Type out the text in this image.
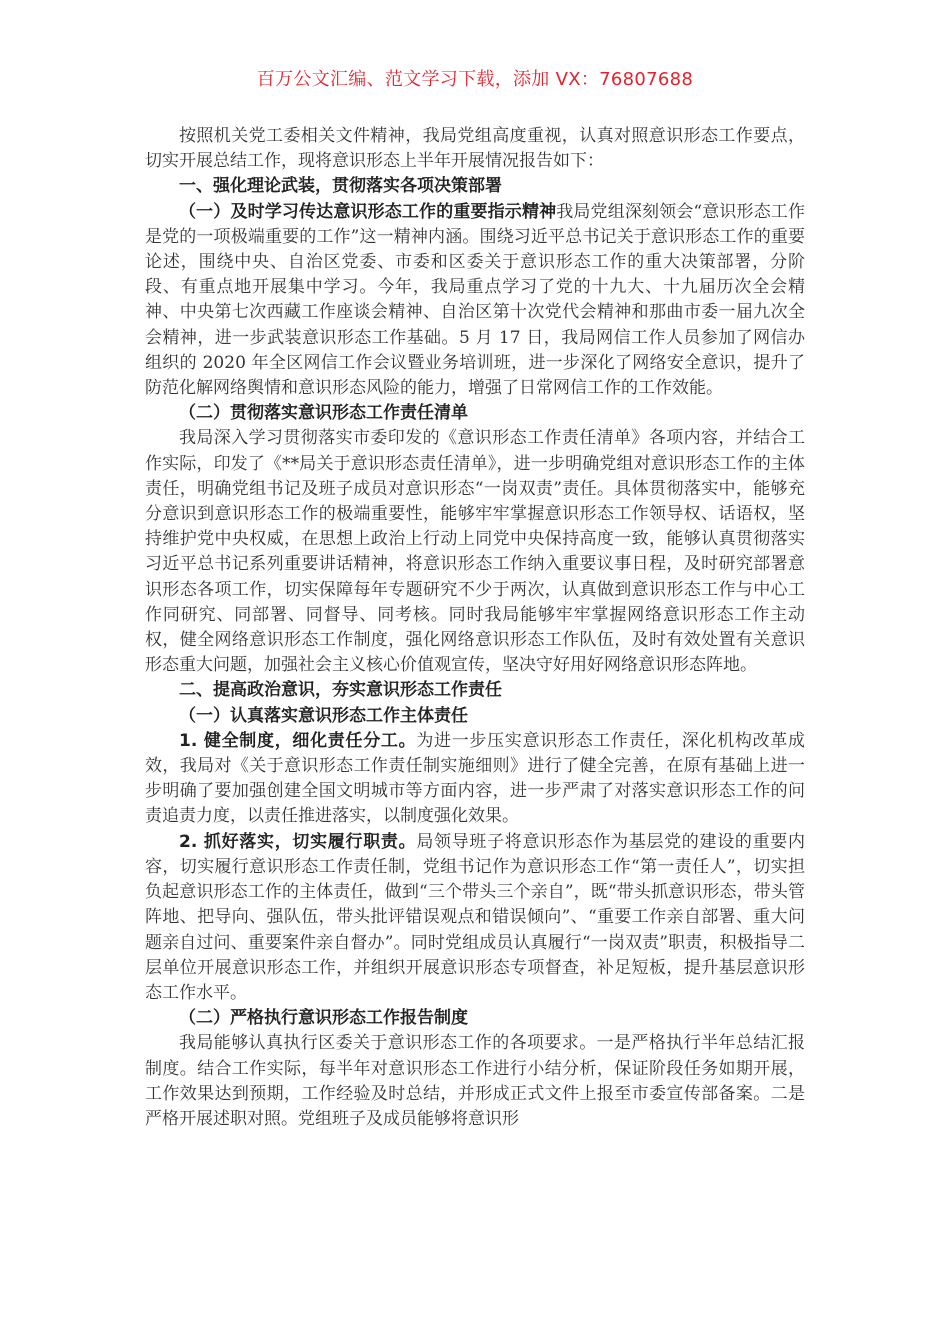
百万公文汇编、范文学习下载，添加 VX：76807688

按照机关党工委相关文件精神，我局党组高度重视，认真对照意识形态工作要点，切实开展总结工作，现将意识形态上半年开展情况报告如下：

一、强化理论武装，贯彻落实各项决策部署

（一）及时学习传达意识形态工作的重要指示精神我局党组深刻领会“意识形态工作是党的一项极端重要的工作”这一精神内涵。围绕习近平总书记关于意识形态工作的重要论述，围绕中央、自治区党委、市委和区委关于意识形态工作的重大决策部署，分阶段、有重点地开展集中学习。今年，我局重点学习了党的十九大、十九届历次全会精神、中央第七次西藏工作座谈会精神、自治区第十次党代会精神和那曲市委一届九次全会精神，进一步武装意识形态工作基础。5 月 17 日，我局网信工作人员参加了网信办组织的 2020 年全区网信工作会议暨业务培训班，进一步深化了网络安全意识，提升了防范化解网络舆情和意识形态风险的能力，增强了日常网信工作的工作效能。

（二）贯彻落实意识形态工作责任清单

我局深入学习贯彻落实市委印发的《意识形态工作责任清单》各项内容，并结合工作实际，印发了《**局关于意识形态责任清单》，进一步明确党组对意识形态工作的主体责任，明确党组书记及班子成员对意识形态“一岗双责”责任。具体贯彻落实中，能够充分意识到意识形态工作的极端重要性，能够牢牢掌握意识形态工作领导权、话语权，坚持维护党中央权威，在思想上政治上行动上同党中央保持高度一致，能够认真贯彻落实习近平总书记系列重要讲话精神，将意识形态工作纳入重要议事日程，及时研究部署意识形态各项工作，切实保障每年专题研究不少于两次，认真做到意识形态工作与中心工作同研究、同部署、同督导、同考核。同时我局能够牢牢掌握网络意识形态工作主动权，健全网络意识形态工作制度，强化网络意识形态工作队伍，及时有效处置有关意识形态重大问题，加强社会主义核心价值观宣传，坚决守好用好网络意识形态阵地。

二、提高政治意识，夯实意识形态工作责任

（一）认真落实意识形态工作主体责任

1. 健全制度，细化责任分工。为进一步压实意识形态工作责任，深化机构改革成效，我局对《关于意识形态工作责任制实施细则》进行了健全完善，在原有基础上进一步明确了要加强创建全国文明城市等方面内容，进一步严肃了对落实意识形态工作的问责追责力度，以责任推进落实，以制度强化效果。

2. 抓好落实，切实履行职责。局领导班子将意识形态作为基层党的建设的重要内容，切实履行意识形态工作责任制，党组书记作为意识形态工作“第一责任人”，切实担负起意识形态工作的主体责任，做到“三个带头三个亲自”，既“带头抓意识形态，带头管阵地、把导向、强队伍，带头批评错误观点和错误倾向”、“重要工作亲自部署、重大问题亲自过问、重要案件亲自督办”。同时党组成员认真履行“一岗双责”职责，积极指导二层单位开展意识形态工作，并组织开展意识形态专项督查，补足短板，提升基层意识形态工作水平。

（二）严格执行意识形态工作报告制度

我局能够认真执行区委关于意识形态工作的各项要求。一是严格执行半年总结汇报制度。结合工作实际，每半年对意识形态工作进行小结分析，保证阶段任务如期开展，工作效果达到预期，工作经验及时总结，并形成正式文件上报至市委宣传部备案。二是严格开展述职对照。党组班子及成员能够将意识形
